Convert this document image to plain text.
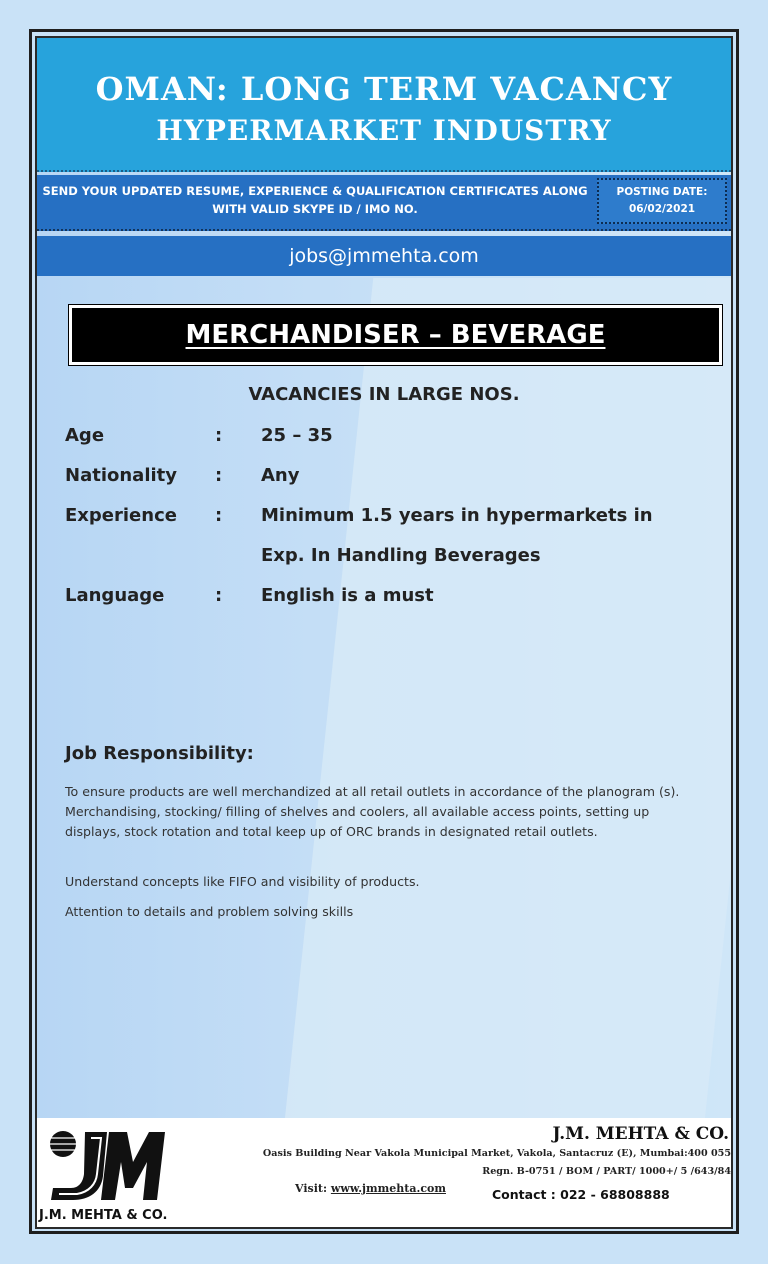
OMAN: LONG TERM VACANCY
HYPERMARKET INDUSTRY
SEND YOUR UPDATED RESUME, EXPERIENCE & QUALIFICATION CERTIFICATES ALONG
WITH VALID SKYPE ID / IMO NO.
POSTING DATE:
06/02/2021
jobs@jmmehta.com
MERCHANDISER – BEVERAGE
VACANCIES IN LARGE NOS.
Age	: 25 – 35
Nationality : Any
Experience : Minimum 1.5 years in hypermarkets in
Exp. In Handling Beverages
Language	: English is a must
Job Responsibility:
To ensure products are well merchandized at all retail outlets in accordance of the planogram (s). Merchandising, stocking/ filling of shelves and coolers, all available access points, setting up displays, stock rotation and total keep up of ORC brands in designated retail outlets.
Understand concepts like FIFO and visibility of products.
Attention to details and problem solving skills
J.M. MEHTA & CO.
J.M. MEHTA & CO.
Oasis Building Near Vakola Municipal Market, Vakola, Santacruz (E), Mumbai:400 055
Regn. B-0751 / BOM / PART/ 1000+/ 5 /643/84
Visit: www.jmmehta.com	Contact : 022 - 68808888
